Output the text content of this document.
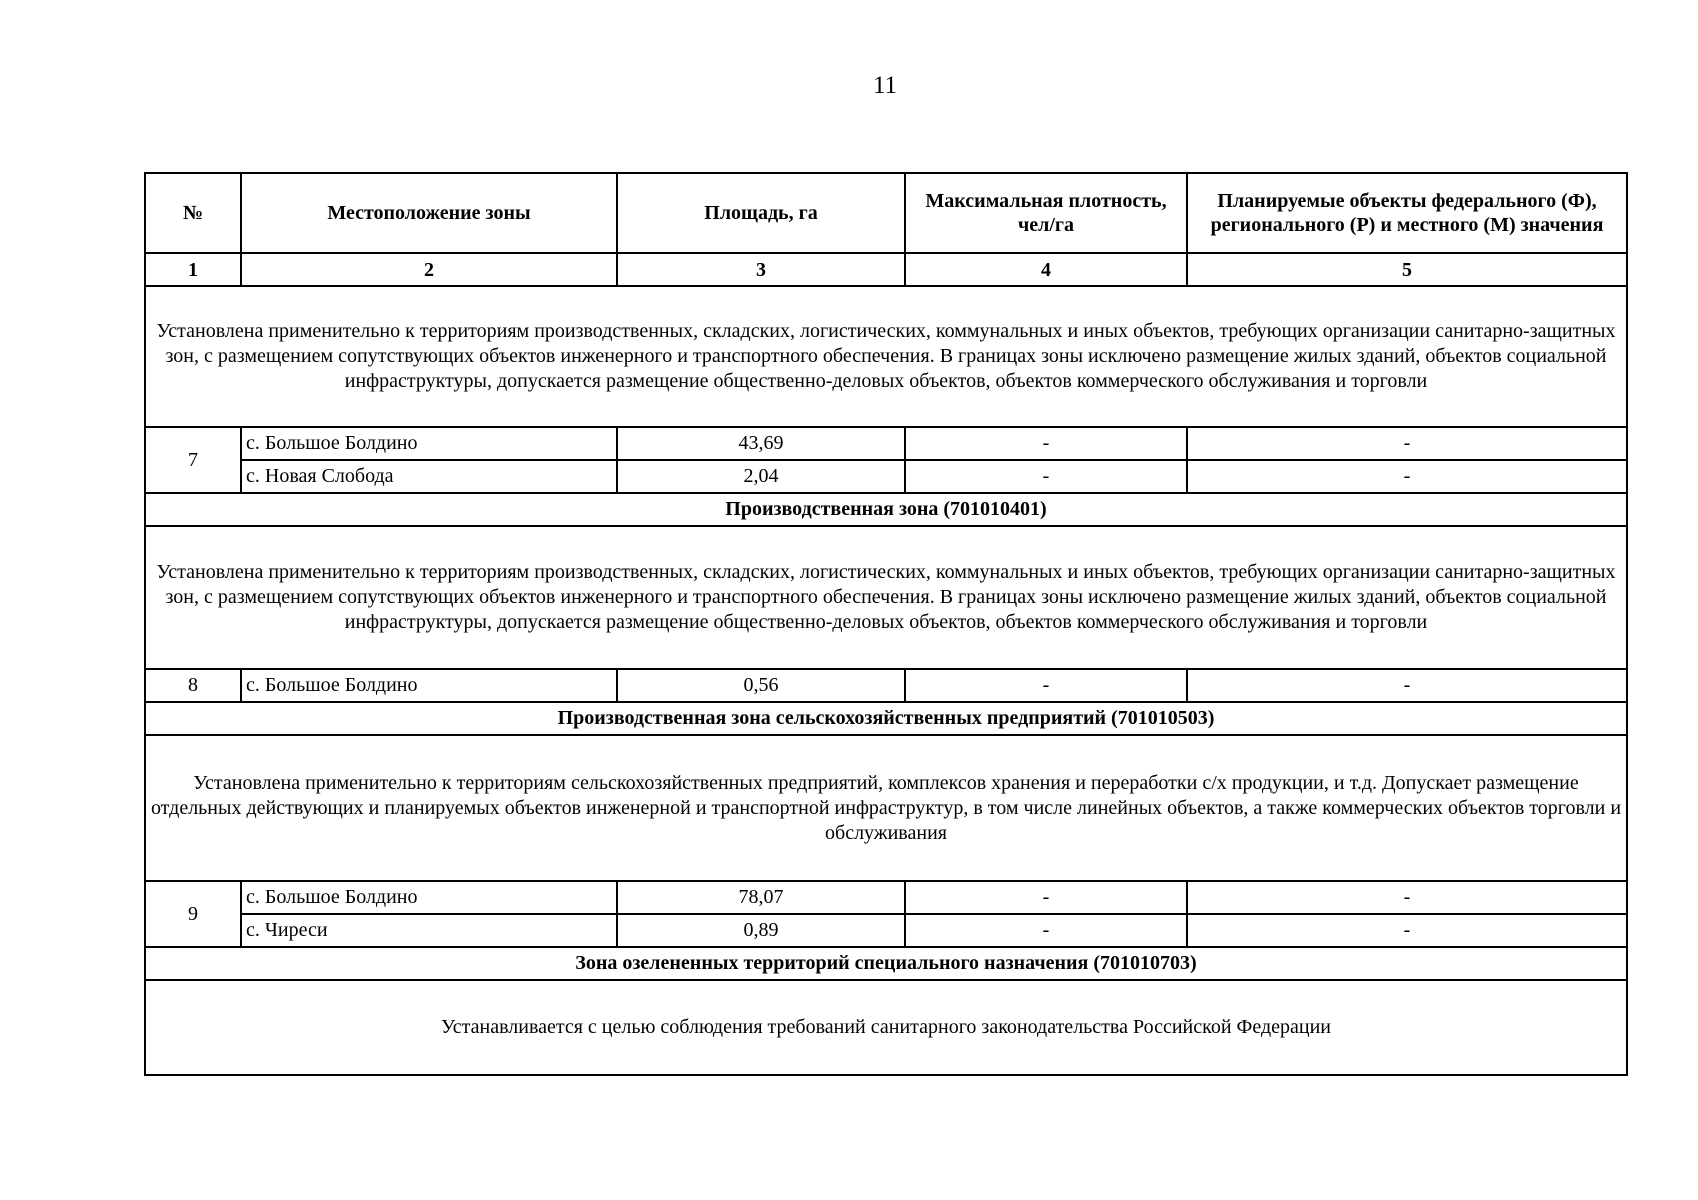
11
№	Местоположение зоны	Площадь, га	Максимальная плотность, чел/га	Планируемые объекты федерального (Ф), регионального (Р) и местного (М) значения
1	2	3	4	5
Установлена применительно к территориям производственных, складских, логистических, коммунальных и иных объектов, требующих организации санитарно-защитных зон, с размещением сопутствующих объектов инженерного и транспортного обеспечения. В границах зоны исключено размещение жилых зданий, объектов социальной инфраструктуры, допускается размещение общественно-деловых объектов, объектов коммерческого обслуживания и торговли				
7	с. Большое Болдино	43,69	-	-
	с. Новая Слобода	2,04	-	-
Производственная зона (701010401)				
Установлена применительно к территориям производственных, складских, логистических, коммунальных и иных объектов, требующих организации санитарно-защитных зон, с размещением сопутствующих объектов инженерного и транспортного обеспечения. В границах зоны исключено размещение жилых зданий, объектов социальной инфраструктуры, допускается размещение общественно-деловых объектов, объектов коммерческого обслуживания и торговли				
8	с. Большое Болдино	0,56	-	-
Производственная зона сельскохозяйственных предприятий (701010503)				
Установлена применительно к территориям сельскохозяйственных предприятий, комплексов хранения и переработки с/х продукции, и т.д. Допускает размещение отдельных действующих и планируемых объектов инженерной и транспортной инфраструктур, в том числе линейных объектов, а также коммерческих объектов торговли и обслуживания				
9	с. Большое Болдино	78,07	-	-
	с. Чиреси	0,89	-	-
Зона озелененных территорий специального назначения (701010703)				
Устанавливается с целью соблюдения требований санитарного законодательства Российской Федерации				
